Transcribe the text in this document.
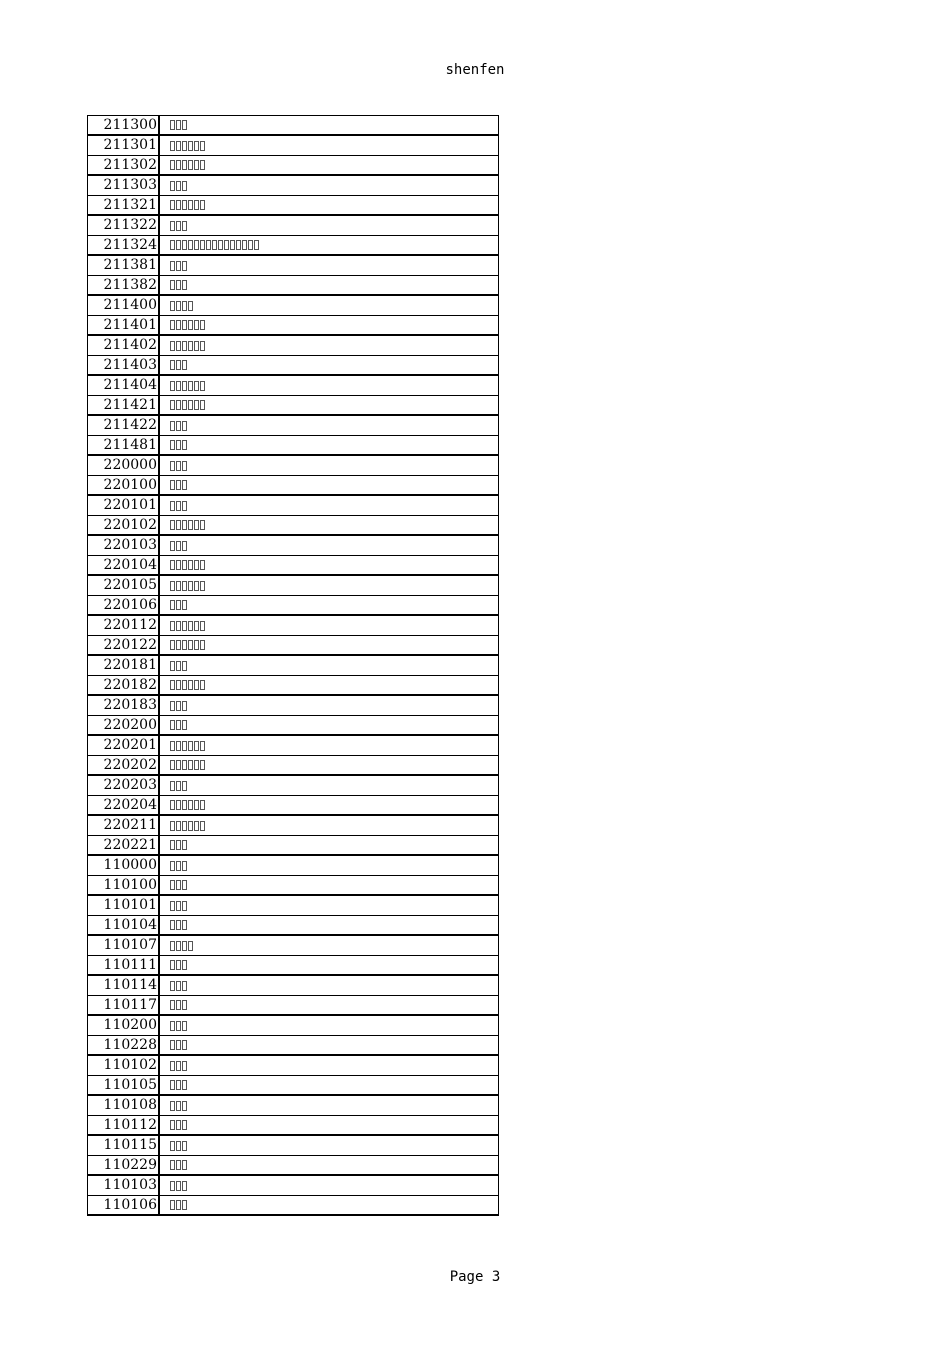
shenfen
211300
211301
211302
211303
211321
211322
211324
211381
211382
211400
211401
211402
211403
211404
211421
211422
211481
220000
220100
220101
220102
220103
220104
220105
220106
220112
220122
220181
220182
220183
220200
220201
220202
220203
220204
220211
220221
110000
110100
110101
110104
110107
110111
110114
110117
110200
110228
110102
110105
110108
110112
110115
110229
110103
110106
Page 3
